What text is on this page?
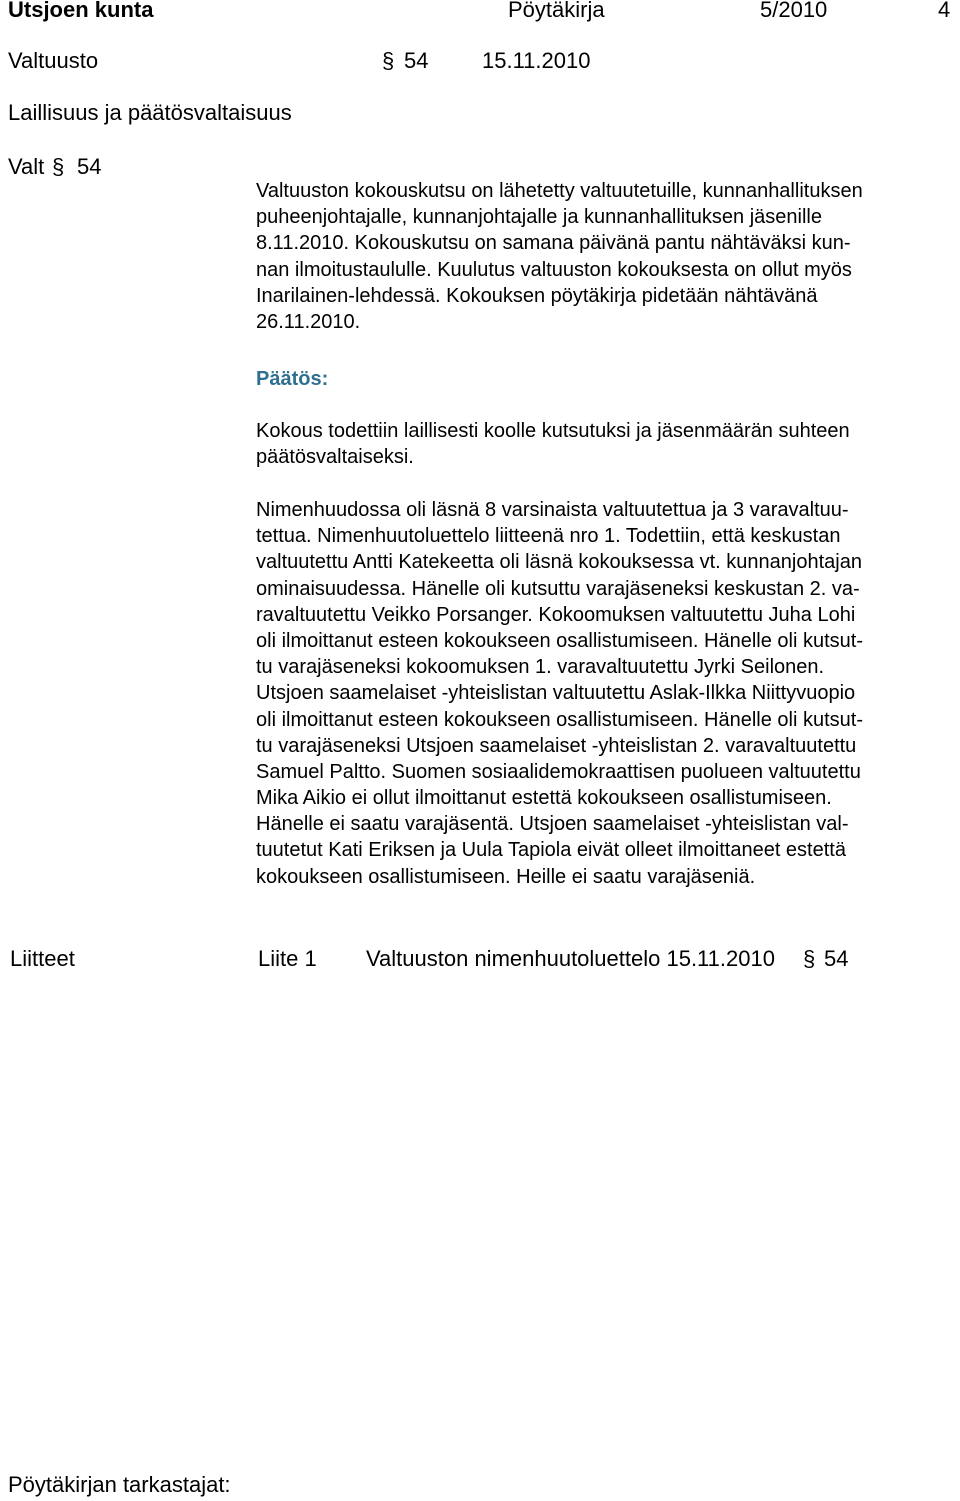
Utsjoen kunta	Pöytäkirja	5/2010	4
Valtuusto	§ 54 15.11.2010
Laillisuus ja päätösvaltaisuus
Valt § 54
Valtuuston kokouskutsu on lähetetty valtuutetuille, kunnanhallituksen
puheenjohtajalle, kunnanjohtajalle ja kunnanhallituksen jäsenille
8.11.2010. Kokouskutsu on samana päivänä pantu nähtäväksi kun-
nan ilmoitustaululle. Kuulutus valtuuston kokouksesta on ollut myös
Inarilainen-lehdessä. Kokouksen pöytäkirja pidetään nähtävänä
26.11.2010.
Päätös:
Kokous todettiin laillisesti koolle kutsutuksi ja jäsenmäärän suhteen
päätösvaltaiseksi.
Nimenhuudossa oli läsnä 8 varsinaista valtuutettua ja 3 varavaltuu-
tettua. Nimenhuutoluettelo liitteenä nro 1. Todettiin, että keskustan
valtuutettu Antti Katekeetta oli läsnä kokouksessa vt. kunnanjohtajan
ominaisuudessa. Hänelle oli kutsuttu varajäseneksi keskustan 2. va-
ravaltuutettu Veikko Porsanger. Kokoomuksen valtuutettu Juha Lohi
oli ilmoittanut esteen kokoukseen osallistumiseen. Hänelle oli kutsut-
tu varajäseneksi kokoomuksen 1. varavaltuutettu Jyrki Seilonen.
Utsjoen saamelaiset -yhteislistan valtuutettu Aslak-Ilkka Niittyvuopio
oli ilmoittanut esteen kokoukseen osallistumiseen. Hänelle oli kutsut-
tu varajäseneksi Utsjoen saamelaiset -yhteislistan 2. varavaltuutettu
Samuel Paltto. Suomen sosiaalidemokraattisen puolueen valtuutettu
Mika Aikio ei ollut ilmoittanut estettä kokoukseen osallistumiseen.
Hänelle ei saatu varajäsentä. Utsjoen saamelaiset -yhteislistan val-
tuutetut Kati Eriksen ja Uula Tapiola eivät olleet ilmoittaneet estettä
kokoukseen osallistumiseen. Heille ei saatu varajäseniä.
Liitteet	Liite 1 Valtuuston nimenhuutoluettelo 15.11.2010 § 54
Pöytäkirjan tarkastajat:
